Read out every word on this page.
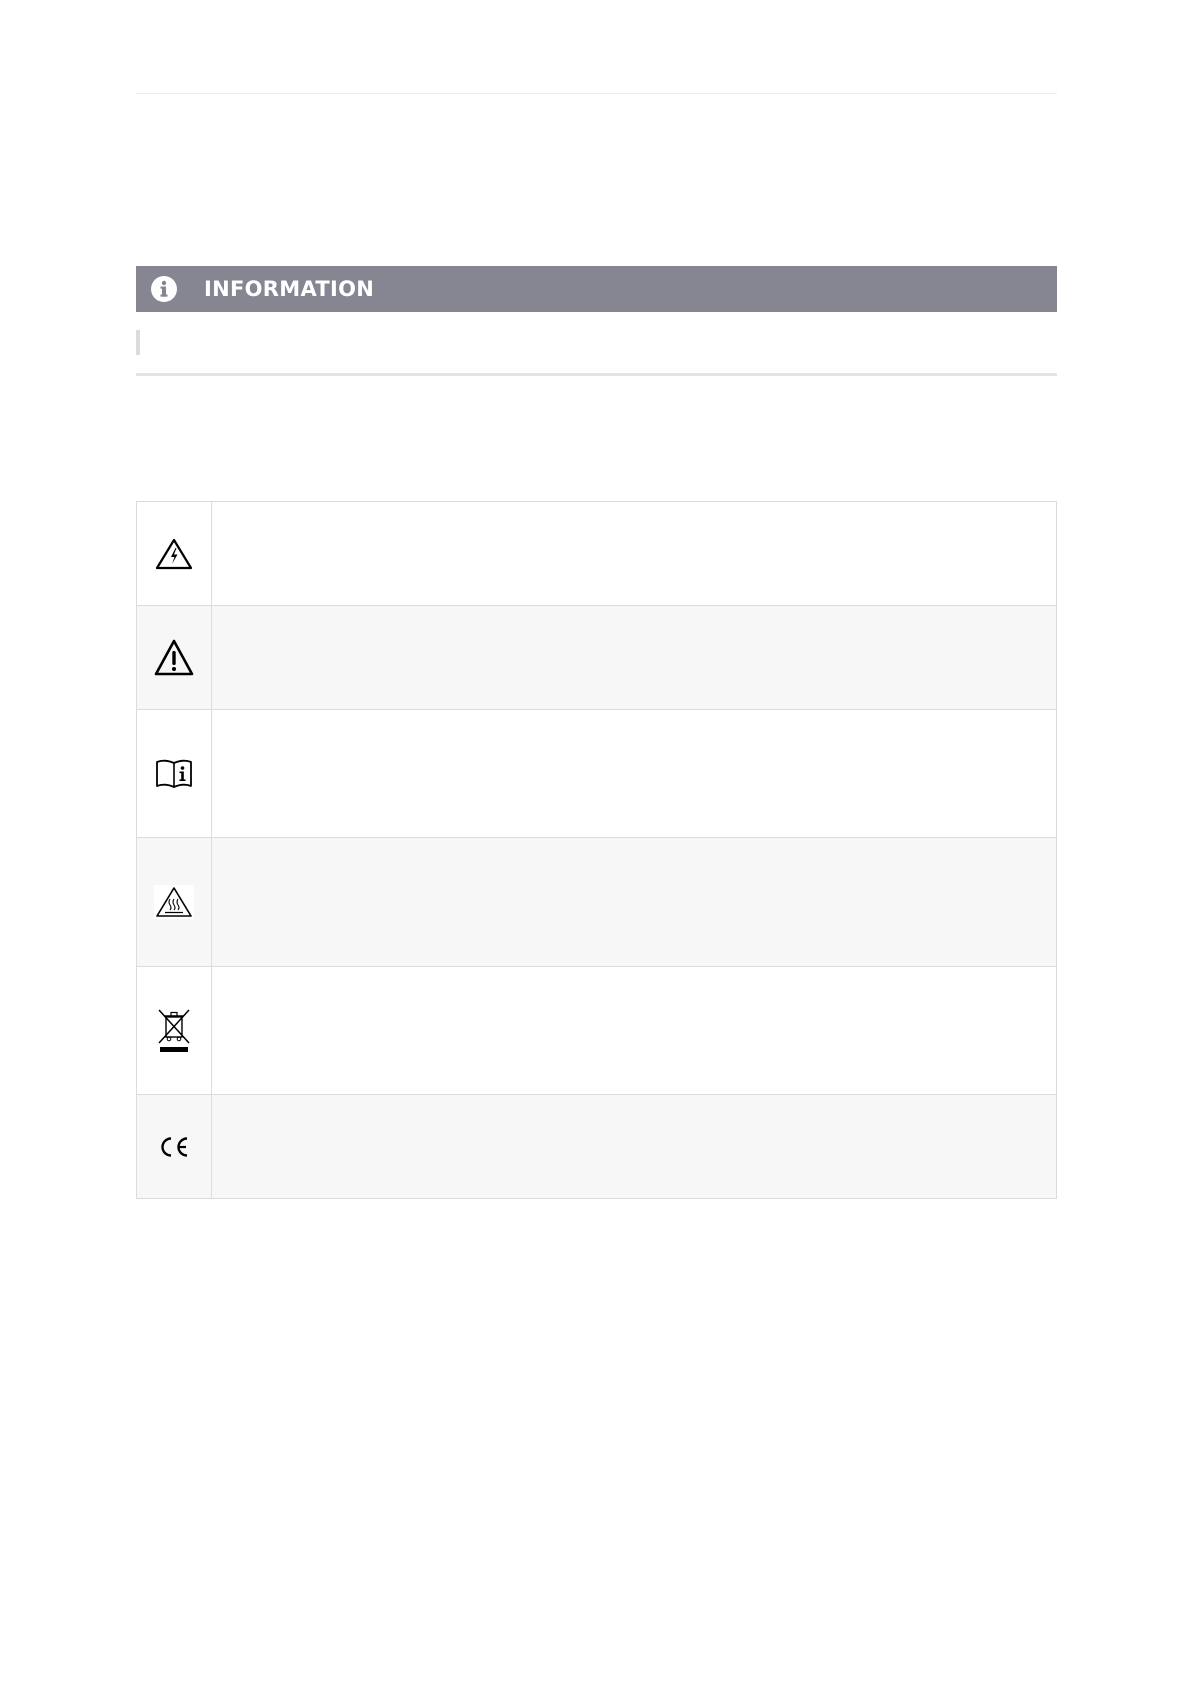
INFORMATION
